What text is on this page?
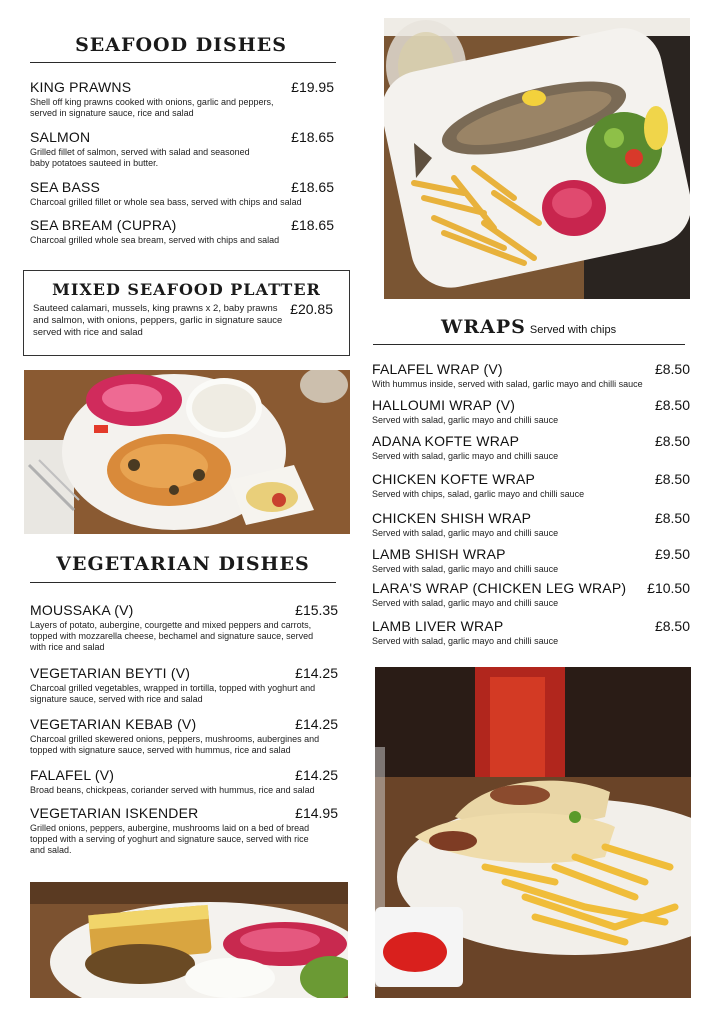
SEAFOOD DISHES
KING PRAWNS	£19.95
Shell off king prawns cooked with onions, garlic and peppers, served in signature sauce, rice and salad
SALMON	£18.65
Grilled fillet of salmon, served with salad and seasoned baby potatoes sauteed in butter.
SEA BASS	£18.65
Charcoal grilled fillet or whole sea bass, served with chips and salad
SEA BREAM (CUPRA)	£18.65
Charcoal grilled whole sea bream, served with chips and salad
MIXED SEAFOOD PLATTER
Sauteed calamari, mussels, king prawns x 2, baby prawns and salmon, with onions, peppers, garlic in signature sauce served with rice and salad
£20.85
VEGETARIAN DISHES
MOUSSAKA (V)	£15.35
Layers of potato, aubergine, courgette and mixed peppers and carrots, topped with mozzarella cheese, bechamel and signature sauce, served with rice and salad
VEGETARIAN BEYTI (V)	£14.25
Charcoal grilled vegetables, wrapped in tortilla, topped with yoghurt and signature sauce, served with rice and salad
VEGETARIAN KEBAB (V)	£14.25
Charcoal grilled skewered onions, peppers, mushrooms, aubergines and topped with signature sauce, served with hummus, rice and salad
FALAFEL (V)	£14.25
Broad beans, chickpeas, coriander served with hummus, rice and salad
VEGETARIAN ISKENDER	£14.95
Grilled onions, peppers, aubergine, mushrooms laid on a bed of bread topped with a serving of yoghurt and signature sauce, served with rice and salad.
WRAPS Served with chips
FALAFEL WRAP (V)	£8.50
With hummus inside, served with salad, garlic mayo and chilli sauce
HALLOUMI WRAP (V)	£8.50
Served with salad, garlic mayo and chilli sauce
ADANA KOFTE WRAP	£8.50
Served with salad, garlic mayo and chilli sauce
CHICKEN KOFTE WRAP	£8.50
Served with chips, salad, garlic mayo and chilli sauce
CHICKEN SHISH WRAP	£8.50
Served with salad, garlic mayo and chilli sauce
LAMB SHISH WRAP	£9.50
Served with salad, garlic mayo and chilli sauce
LARA'S WRAP (CHICKEN LEG WRAP) £10.50
Served with salad, garlic mayo and chilli sauce
LAMB LIVER WRAP	£8.50
Served with salad, garlic mayo and chilli sauce
